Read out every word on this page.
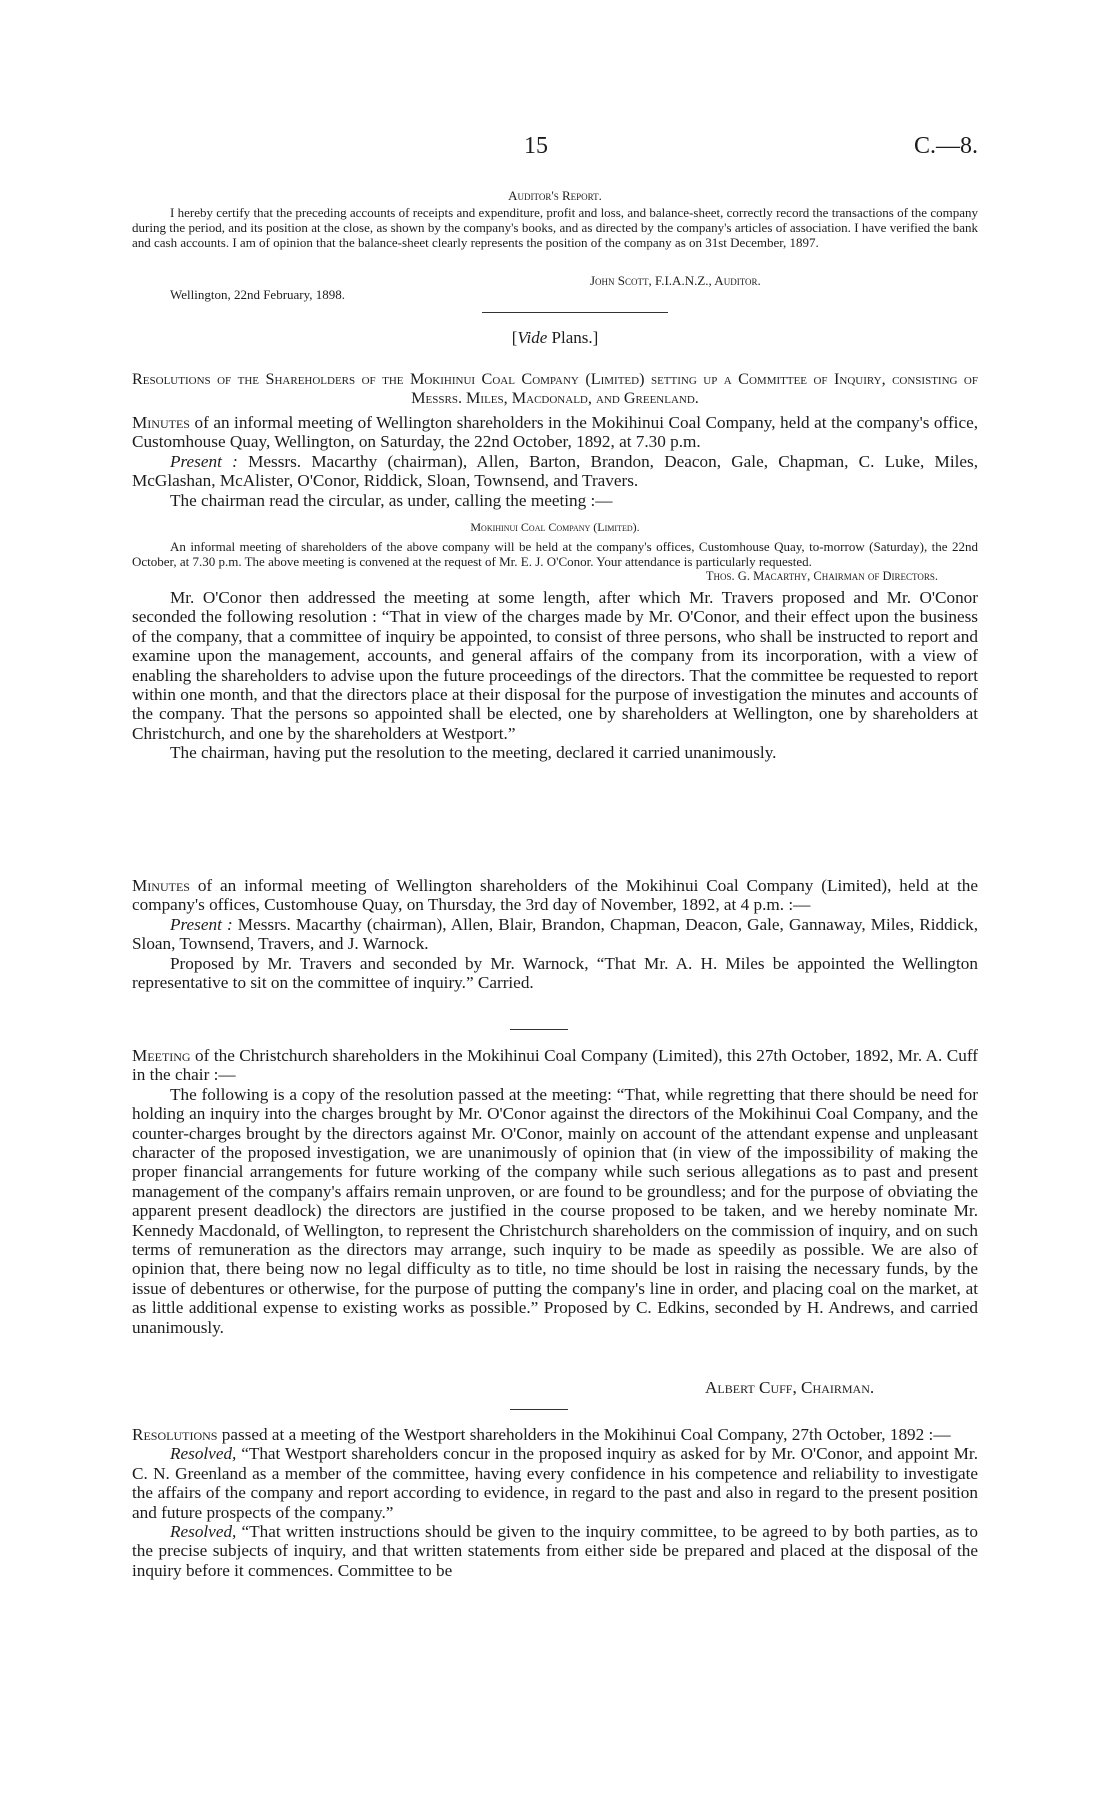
15	C.—8.

Auditor's Report.

I hereby certify that the preceding accounts of receipts and expenditure, profit and loss, and balance-sheet, correctly record the transactions of the company during the period, and its position at the close, as shown by the company's books, and as directed by the company's articles of association. I have verified the bank and cash accounts. I am of opinion that the balance-sheet clearly represents the position of the company as on 31st December, 1897.

John Scott, F.I.A.N.Z., Auditor.
Wellington, 22nd February, 1898.
[Vide Plans.]

Resolutions of the Shareholders of the Mokihinui Coal Company (Limited) setting up a Committee of Inquiry, consisting of Messrs. Miles, Macdonald, and Greenland.

Minutes of an informal meeting of Wellington shareholders in the Mokihinui Coal Company, held at the company's office, Customhouse Quay, Wellington, on Saturday, the 22nd October, 1892, at 7.30 p.m.

Present : Messrs. Macarthy (chairman), Allen, Barton, Brandon, Deacon, Gale, Chapman, C. Luke, Miles, McGlashan, McAlister, O'Conor, Riddick, Sloan, Townsend, and Travers.

The chairman read the circular, as under, calling the meeting :—

Mokihinui Coal Company (Limited).

An informal meeting of shareholders of the above company will be held at the company's offices, Customhouse Quay, to-morrow (Saturday), the 22nd October, at 7.30 p.m. The above meeting is convened at the request of Mr. E. J. O'Conor. Your attendance is particularly requested.

Thos. G. Macarthy, Chairman of Directors.

Mr. O'Conor then addressed the meeting at some length, after which Mr. Travers proposed and Mr. O'Conor seconded the following resolution : “That in view of the charges made by Mr. O'Conor, and their effect upon the business of the company, that a committee of inquiry be appointed, to consist of three persons, who shall be instructed to report and examine upon the management, accounts, and general affairs of the company from its incorporation, with a view of enabling the shareholders to advise upon the future proceedings of the directors. That the committee be requested to report within one month, and that the directors place at their disposal for the purpose of investigation the minutes and accounts of the company. That the persons so appointed shall be elected, one by shareholders at Wellington, one by shareholders at Christchurch, and one by the shareholders at Westport.”

The chairman, having put the resolution to the meeting, declared it carried unanimously.

Minutes of an informal meeting of Wellington shareholders of the Mokihinui Coal Company (Limited), held at the company's offices, Customhouse Quay, on Thursday, the 3rd day of November, 1892, at 4 p.m. :—

Present : Messrs. Macarthy (chairman), Allen, Blair, Brandon, Chapman, Deacon, Gale, Gannaway, Miles, Riddick, Sloan, Townsend, Travers, and J. Warnock.

Proposed by Mr. Travers and seconded by Mr. Warnock, “That Mr. A. H. Miles be appointed the Wellington representative to sit on the committee of inquiry.” Carried.

Meeting of the Christchurch shareholders in the Mokihinui Coal Company (Limited), this 27th October, 1892, Mr. A. Cuff in the chair :—

The following is a copy of the resolution passed at the meeting: “That, while regretting that there should be need for holding an inquiry into the charges brought by Mr. O'Conor against the directors of the Mokihinui Coal Company, and the counter-charges brought by the directors against Mr. O'Conor, mainly on account of the attendant expense and unpleasant character of the proposed investigation, we are unanimously of opinion that (in view of the impossibility of making the proper financial arrangements for future working of the company while such serious allegations as to past and present management of the company's affairs remain unproven, or are found to be groundless; and for the purpose of obviating the apparent present deadlock) the directors are justified in the course proposed to be taken, and we hereby nominate Mr. Kennedy Macdonald, of Wellington, to represent the Christchurch shareholders on the commission of inquiry, and on such terms of remuneration as the directors may arrange, such inquiry to be made as speedily as possible. We are also of opinion that, there being now no legal difficulty as to title, no time should be lost in raising the necessary funds, by the issue of debentures or otherwise, for the purpose of putting the company's line in order, and placing coal on the market, at as little additional expense to existing works as possible.” Proposed by C. Edkins, seconded by H. Andrews, and carried unanimously.

Albert Cuff, Chairman.

Resolutions passed at a meeting of the Westport shareholders in the Mokihinui Coal Company, 27th October, 1892 :—

Resolved, “That Westport shareholders concur in the proposed inquiry as asked for by Mr. O'Conor, and appoint Mr. C. N. Greenland as a member of the committee, having every confidence in his competence and reliability to investigate the affairs of the company and report according to evidence, in regard to the past and also in regard to the present position and future prospects of the company.”

Resolved, “That written instructions should be given to the inquiry committee, to be agreed to by both parties, as to the precise subjects of inquiry, and that written statements from either side be prepared and placed at the disposal of the inquiry before it commences. Committee to be
